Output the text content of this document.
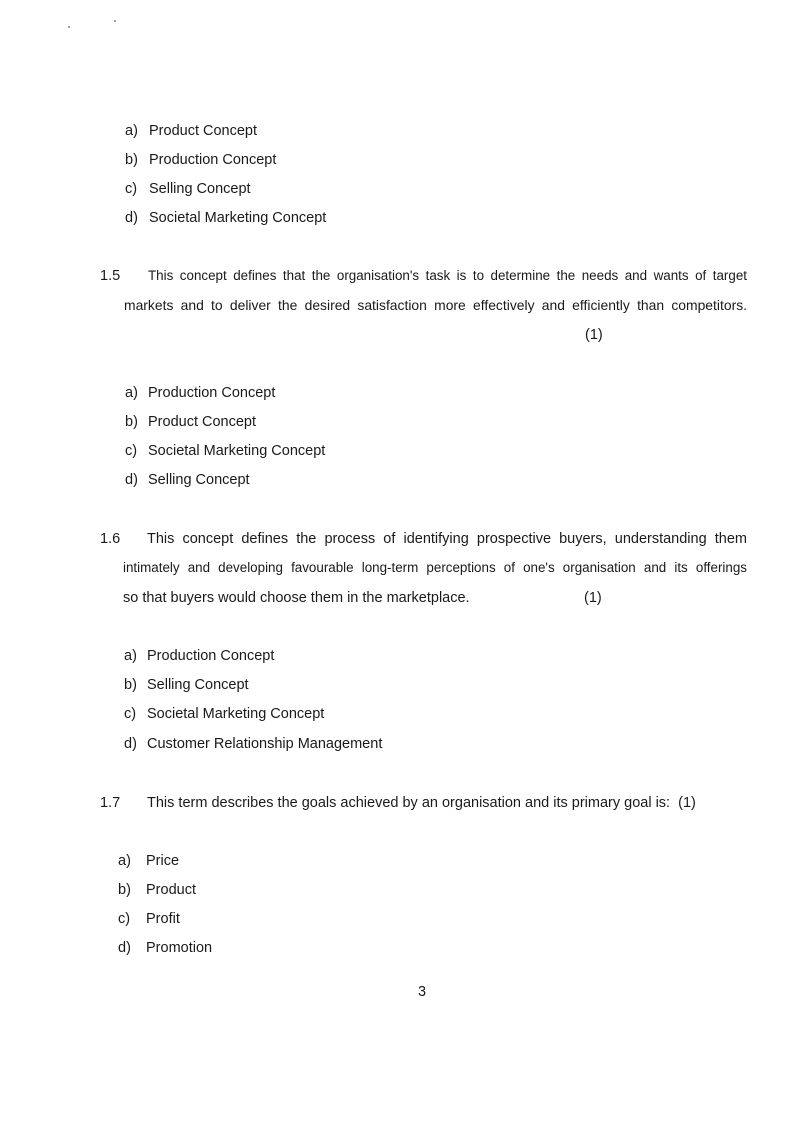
a) Product Concept
b) Production Concept
c) Selling Concept
d) Societal Marketing Concept
1.5 This concept defines that the organisation's task is to determine the needs and wants of target
markets and to deliver the desired satisfaction more effectively and efficiently than competitors.
(1)
a) Production Concept
b) Product Concept
c) Societal Marketing Concept
d) Selling Concept
1.6 This concept defines the process of identifying prospective buyers, understanding them
intimately and developing favourable long-term perceptions of one's organisation and its offerings
so that buyers would choose them in the marketplace.	(1)
a) Production Concept
b) Selling Concept
c) Societal Marketing Concept
d) Customer Relationship Management
1.7 This term describes the goals achieved by an organisation and its primary goal is:  (1)
a) Price
b) Product
c) Profit
d) Promotion
3
